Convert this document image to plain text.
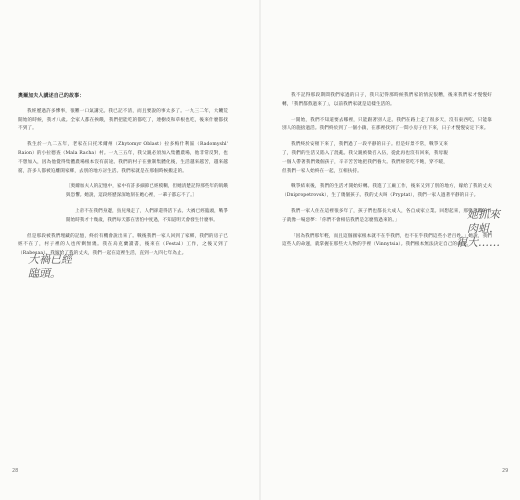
奧爾加夫人講述自己的故事：

我經歷過許多慘事，很難一口氣講完。我已記不清，而且要說的事太多了。一九三二年，大饑荒開始的時候，我才八歲。全家人都在挨餓，我們把能吃的都吃了，連樹皮和草根也吃，後來什麼都找不到了。

我生於一九二五年，老家在日托米爾州（Zhytomyr Oblast）拉多梅什利區（Radomyshl' Raion）的小拉德查（Mala Racha）村。一九三五年，我父親必須加入集體農場，他非常反對，也不想加入，因為他覺得集體農場根本沒有前途。我們的村子在強制集體化後，生活越來越苦，越來越窮，許多人都被迫離開家鄉，去別的地方討生活。我們家就是在那個時候搬走的。

〔奧爾加夫人的記憶中，家中有許多細節已經模糊，但她清楚記得那些年的飢餓與恐懼。她說，這段經歷深深地刻在她心裡，一輩子都忘不了。〕

上帝不在我們身邊，鳥兒飛走了，人們卻還得活下去。大禍已經臨頭，戰爭開始時我才十幾歲，我們每天都在害怕中度過，不知道明天會發生什麼事。

但是那段被我們埋藏的記憶，終於有機會說出來了。戰後我們一家人回到了家鄉，我們的房子已經不在了，村子裡的人也所剩無幾。我在烏克蘭讀書，後來在（Festal）工作，之後又到了（Rabesaa）。我嫁給了我的丈夫，我們一起在這裡生活，直到一九四七年為止。

大禍已經
臨頭。

我不記得那段期間我們家過的日子，我只記得那時候我們家的情況很糟，後來我們家才慢慢好轉，「我們都熬過來了」，以前我們家就是這樣生活的。

一開始，我們不知道要去哪裡，只能跟著別人走。我們在路上走了很多天，沒有東西吃，只能靠別人的施捨過活。我們終於到了一個小鎮，在那裡找到了一間小房子住下來，日子才慢慢安定下來。

我們終於安頓下來了，我們過了一段平靜的日子。但是好景不常，戰爭又來了，我們的生活又陷入了混亂。我父親被徵召入伍，從此再也沒有回來，我母親一個人帶著我們幾個孩子，辛辛苦苦地把我們養大。我們經常吃不飽，穿不暖，但我們一家人始終在一起，互相扶持。

戰爭結束後，我們的生活才開始好轉。我進了工廠工作，後來又到了別的地方，嫁給了我的丈夫（Dnipropetrovsk），生了幾個孩子。我的丈夫叫（Pryptat），我們一家人過著平靜的日子。

我們一家人住在這裡很多年了，孩子們也都長大成人，各自成家立業。回想起來，那些苦難的日子就像一場惡夢：「你們不會相信我們是怎麼熬過來的。」

「因為我們那年輕，而且這個國家根本就不在乎我們，也不在乎我們這些小老百姓。」她說，我們這些人的命運，就掌握在那些大人物的手裡（Vinnytsia）。我們根本無法決定自己的命運。

她抓來
肉蛆，
很大……
28	29
